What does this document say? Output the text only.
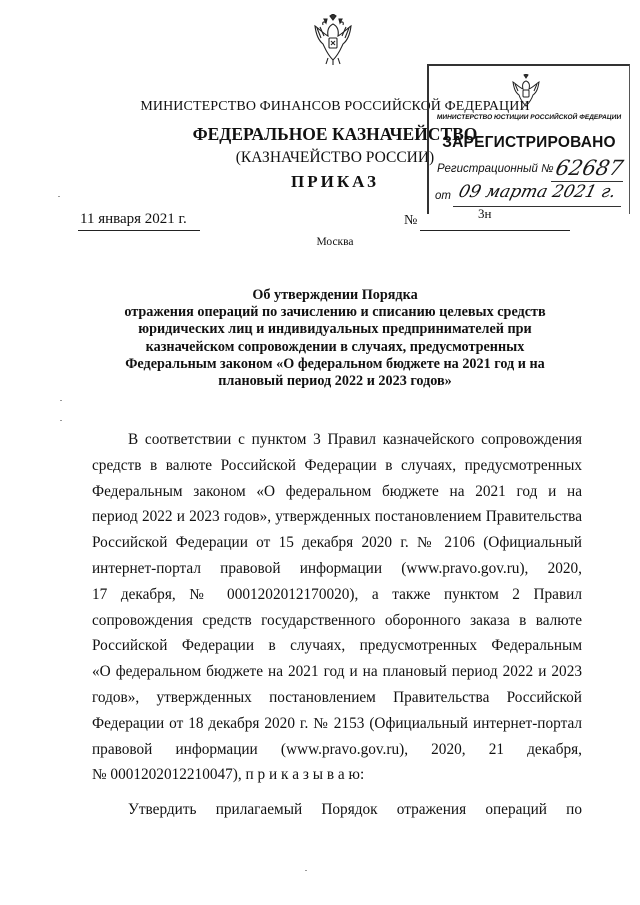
МИНИСТЕРСТВО ФИНАНСОВ РОССИЙСКОЙ ФЕДЕРАЦИИ
ФЕДЕРАЛЬНОЕ КАЗНАЧЕЙСТВО
(КАЗНАЧЕЙСТВО РОССИИ)
ПРИКАЗ
МИНИСТЕРСТВО ЮСТИЦИИ РОССИЙСКОЙ ФЕДЕРАЦИИ
ЗАРЕГИСТРИРОВАНО
Регистрационный № 62687
от 09 марта 2021 г.
11 января 2021 г.	№	3н
Москва
Об утверждении Порядка
отражения операций по зачислению и списанию целевых средств
юридических лиц и индивидуальных предпринимателей при
казначейском сопровождении в случаях, предусмотренных
Федеральным законом «О федеральном бюджете на 2021 год и на
плановый период 2022 и 2023 годов»
В соответствии с пунктом 3 Правил казначейского сопровождения
средств в валюте Российской Федерации в случаях, предусмотренных
Федеральным законом «О федеральном бюджете на 2021 год и на
период 2022 и 2023 годов», утвержденных постановлением Правительства
Российской Федерации от 15 декабря 2020 г. № 2106 (Официальный
интернет-портал правовой информации (www.pravo.gov.ru), 2020,
17 декабря, № 0001202012170020), а также пунктом 2 Правил
сопровождения средств государственного оборонного заказа в валюте
Российской Федерации в случаях, предусмотренных Федеральным
«О федеральном бюджете на 2021 год и на плановый период 2022 и 2023
годов», утвержденных постановлением Правительства Российской
Федерации от 18 декабря 2020 г. № 2153 (Официальный интернет-портал
правовой информации (www.pravo.gov.ru), 2020, 21 декабря,
№ 0001202012210047), п р и к а з ы в а ю:
Утвердить прилагаемый Порядок отражения операций по
